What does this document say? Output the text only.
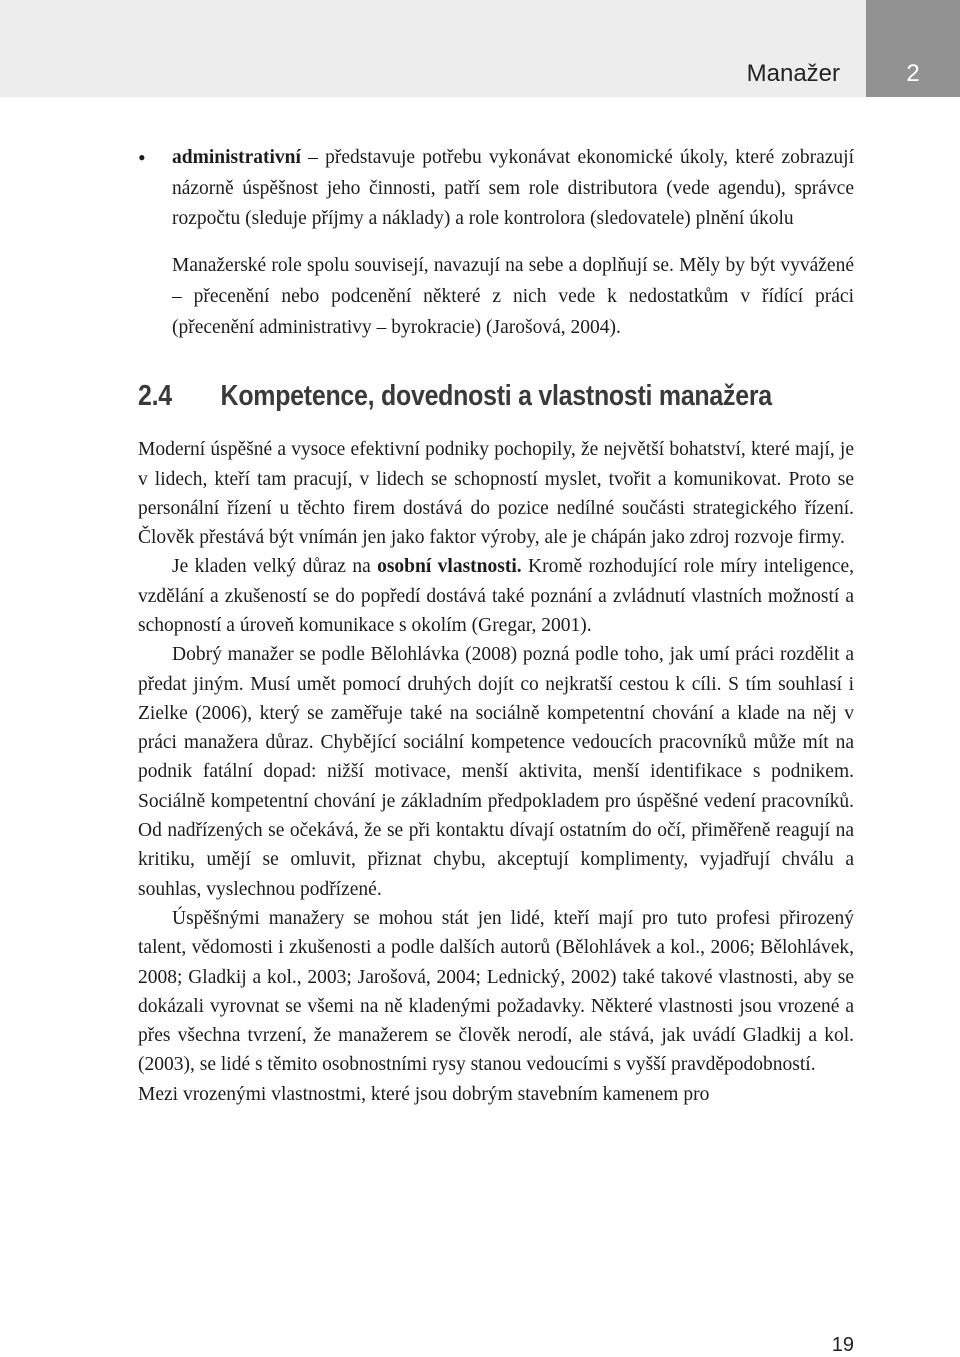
Manažer	2
• administrativní – představuje potřebu vykonávat ekonomické úkoly, které zobrazují názorně úspěšnost jeho činnosti, patří sem role distributora (vede agendu), správce rozpočtu (sleduje příjmy a náklady) a role kontrolora (sledovatele) plnění úkolu
Manažerské role spolu souvisejí, navazují na sebe a doplňují se. Měly by být vyvážené – přecenění nebo podcenění některé z nich vede k nedostatkům v řídící práci (přecenění administrativy – byrokracie) (Jarošová, 2004).
2.4 Kompetence, dovednosti a vlastnosti manažera

Moderní úspěšné a vysoce efektivní podniky pochopily, že největší bohatství, které mají, je v lidech, kteří tam pracují, v lidech se schopností myslet, tvořit a komunikovat. Proto se personální řízení u těchto firem dostává do pozice nedílné součásti strategického řízení. Člověk přestává být vnímán jen jako faktor výroby, ale je chápán jako zdroj rozvoje firmy.

Je kladen velký důraz na osobní vlastnosti. Kromě rozhodující role míry inteligence, vzdělání a zkušeností se do popředí dostává také poznání a zvládnutí vlastních možností a schopností a úroveň komunikace s okolím (Gregar, 2001).

Dobrý manažer se podle Bělohlávka (2008) pozná podle toho, jak umí práci rozdělit a předat jiným. Musí umět pomocí druhých dojít co nejkratší cestou k cíli. S tím souhlasí i Zielke (2006), který se zaměřuje také na sociálně kompetentní chování a klade na něj v práci manažera důraz. Chybějící sociální kompetence vedoucích pracovníků může mít na podnik fatální dopad: nižší motivace, menší aktivita, menší identifikace s podnikem. Sociálně kompetentní chování je základním předpokladem pro úspěšné vedení pracovníků. Od nadřízených se očekává, že se při kontaktu dívají ostatním do očí, přiměřeně reagují na kritiku, umějí se omluvit, přiznat chybu, akceptují komplimenty, vyjadřují chválu a souhlas, vyslechnou podřízené.

Úspěšnými manažery se mohou stát jen lidé, kteří mají pro tuto profesi přirozený talent, vědomosti i zkušenosti a podle dalších autorů (Bělohlávek a kol., 2006; Bělohlávek, 2008; Gladkij a kol., 2003; Jarošová, 2004; Lednický, 2002) také takové vlastnosti, aby se dokázali vyrovnat se všemi na ně kladenými požadavky. Některé vlastnosti jsou vrozené a přes všechna tvrzení, že manažerem se člověk nerodí, ale stává, jak uvádí Gladkij a kol. (2003), se lidé s těmito osobnostními rysy stanou vedoucími s vyšší pravděpodobností.

Mezi vrozenými vlastnostmi, které jsou dobrým stavebním kamenem pro

19
